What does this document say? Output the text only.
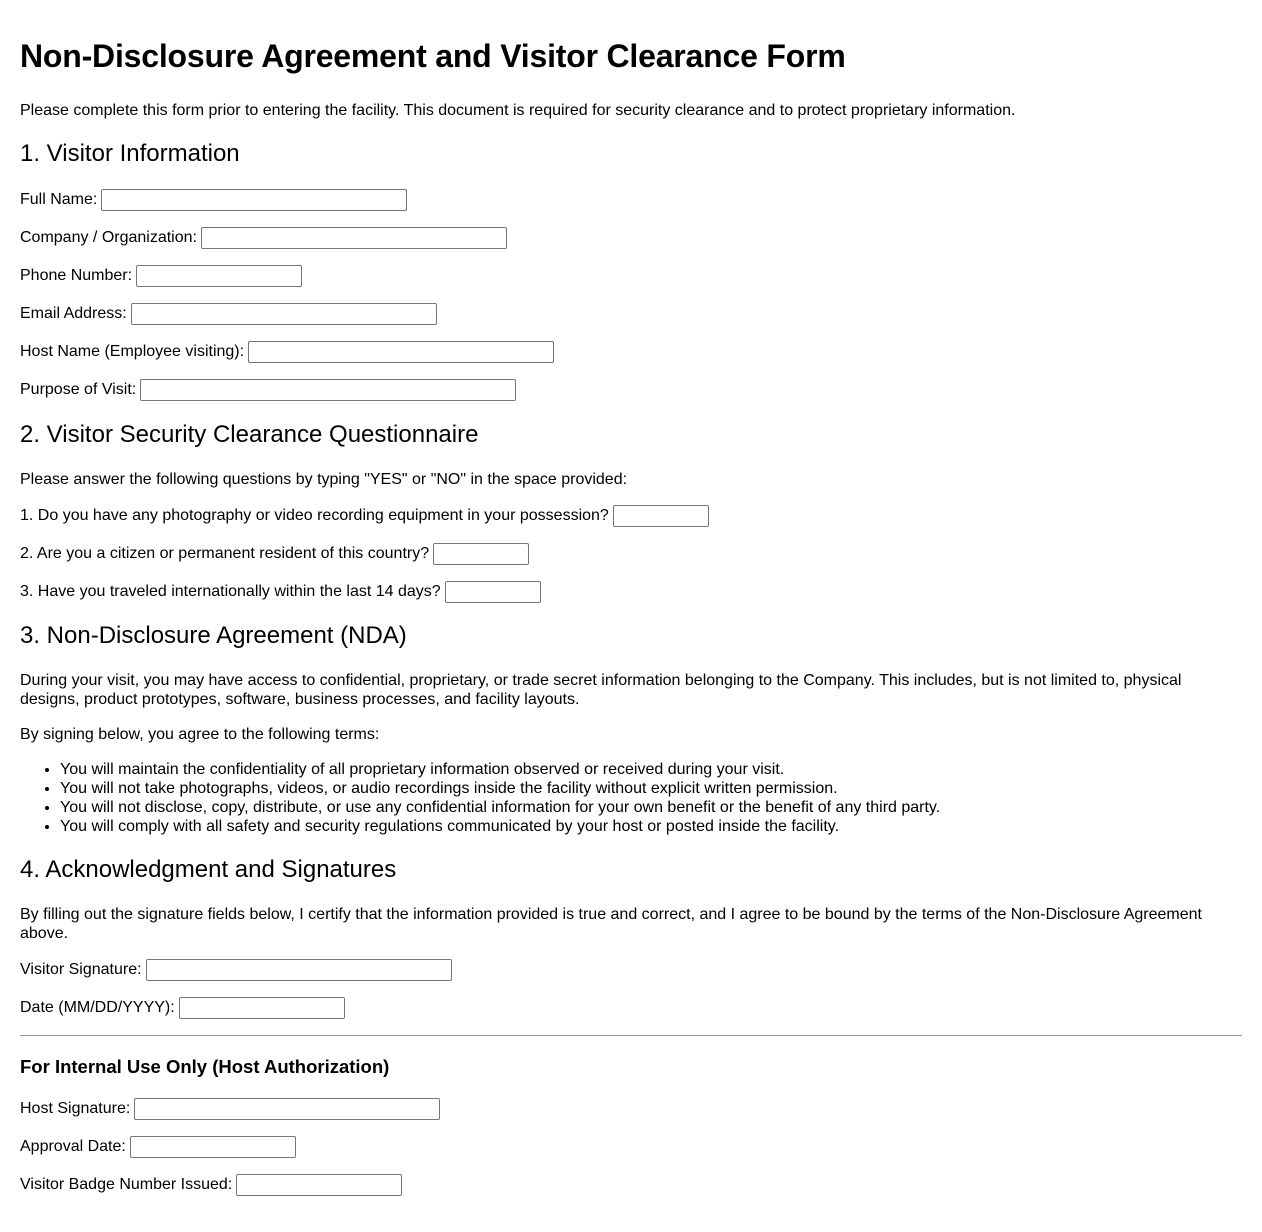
Non-Disclosure Agreement and Visitor Clearance Form

Please complete this form prior to entering the facility. This document is required for security clearance and to protect proprietary information.

1. Visitor Information
Full Name:
Company / Organization:
Phone Number:
Email Address:
Host Name (Employee visiting):
Purpose of Visit:
2. Visitor Security Clearance Questionnaire

Please answer the following questions by typing "YES" or "NO" in the space provided:

1. Do you have any photography or video recording equipment in your possession?
2. Are you a citizen or permanent resident of this country?
3. Have you traveled internationally within the last 14 days?
3. Non-Disclosure Agreement (NDA)

During your visit, you may have access to confidential, proprietary, or trade secret information belonging to the Company. This includes, but is not limited to, physical designs, product prototypes, software, business processes, and facility layouts.

By signing below, you agree to the following terms:

• You will maintain the confidentiality of all proprietary information observed or received during your visit.
• You will not take photographs, videos, or audio recordings inside the facility without explicit written permission.
• You will not disclose, copy, distribute, or use any confidential information for your own benefit or the benefit of any third party.
• You will comply with all safety and security regulations communicated by your host or posted inside the facility.
4. Acknowledgment and Signatures

By filling out the signature fields below, I certify that the information provided is true and correct, and I agree to be bound by the terms of the Non-Disclosure Agreement above.

Visitor Signature:
Date (MM/DD/YYYY):
For Internal Use Only (Host Authorization)
Host Signature:
Approval Date:
Visitor Badge Number Issued:
